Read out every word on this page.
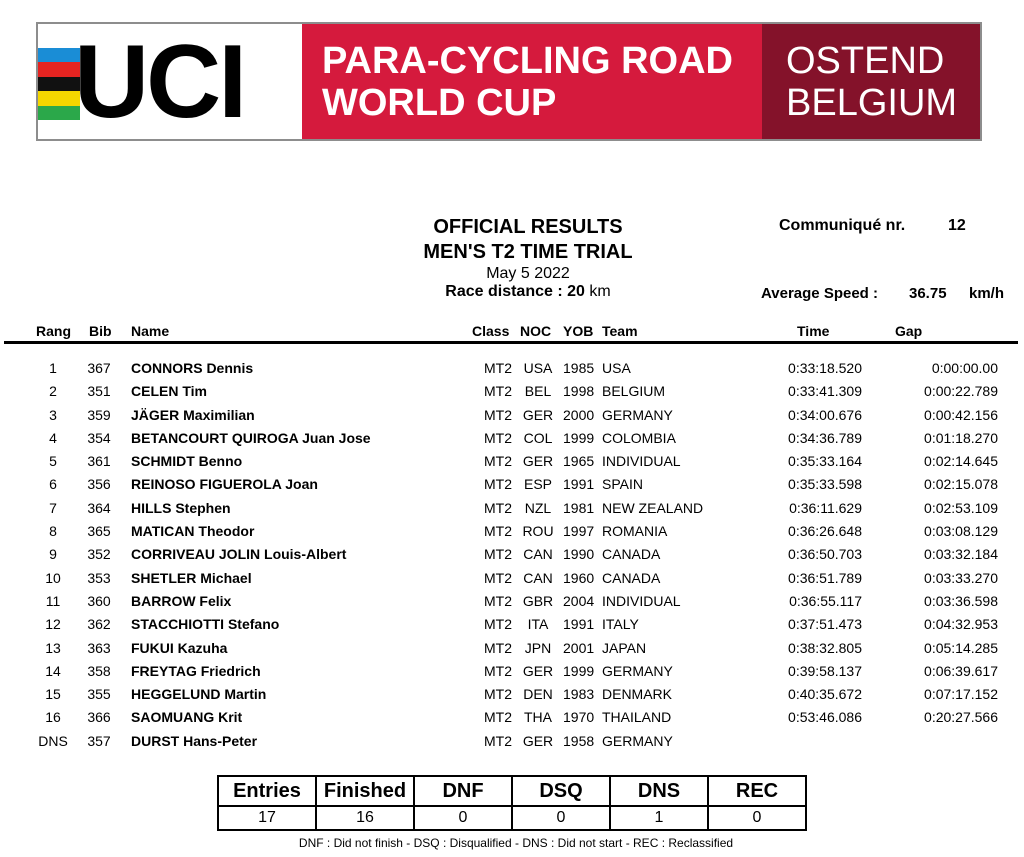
UCI PARA-CYCLING ROAD
WORLD CUP
OSTEND
BELGIUM
OFFICIAL RESULTS
MEN'S T2 TIME TRIAL
May 5 2022
Race distance : 20 km
Communiqué nr.	12
Average Speed : 36.75 km/h
Rang Bib Name	Class NOC YOB Team	Time	Gap
1	367	CONNORS Dennis	MT2 USA 1985 USA	0:33:18.520	0:00:00.00
2	351	CELEN Tim	MT2 BEL 1998 BELGIUM	0:33:41.309	0:00:22.789
3	359	JÄGER Maximilian	MT2 GER 2000 GERMANY	0:34:00.676	0:00:42.156
4	354	BETANCOURT QUIROGA Juan Jose	MT2 COL 1999 COLOMBIA	0:34:36.789	0:01:18.270
5	361	SCHMIDT Benno	MT2 GER 1965 INDIVIDUAL	0:35:33.164	0:02:14.645
6	356	REINOSO FIGUEROLA Joan	MT2 ESP 1991 SPAIN	0:35:33.598	0:02:15.078
7	364	HILLS Stephen	MT2 NZL 1981 NEW ZEALAND	0:36:11.629	0:02:53.109
8	365	MATICAN Theodor	MT2 ROU 1997 ROMANIA	0:36:26.648	0:03:08.129
9	352	CORRIVEAU JOLIN Louis-Albert	MT2 CAN 1990 CANADA	0:36:50.703	0:03:32.184
10	353	SHETLER Michael	MT2 CAN 1960 CANADA	0:36:51.789	0:03:33.270
11	360	BARROW Felix	MT2 GBR 2004 INDIVIDUAL	0:36:55.117	0:03:36.598
12	362	STACCHIOTTI Stefano	MT2	ITA	1991 ITALY	0:37:51.473	0:04:32.953
13	363	FUKUI Kazuha	MT2 JPN 2001 JAPAN	0:38:32.805	0:05:14.285
14	358	FREYTAG Friedrich	MT2 GER 1999 GERMANY	0:39:58.137	0:06:39.617
15	355	HEGGELUND Martin	MT2 DEN 1983 DENMARK	0:40:35.672	0:07:17.152
16	366	SAOMUANG Krit	MT2 THA 1970 THAILAND	0:53:46.086	0:20:27.566
DNS	357	DURST Hans-Peter	MT2 GER 1958 GERMANY
Entries	Finished	DNF	DSQ	DNS	REC
17	16	0	0	1	0
DNF : Did not finish - DSQ : Disqualified - DNS : Did not start - REC : Reclassified
